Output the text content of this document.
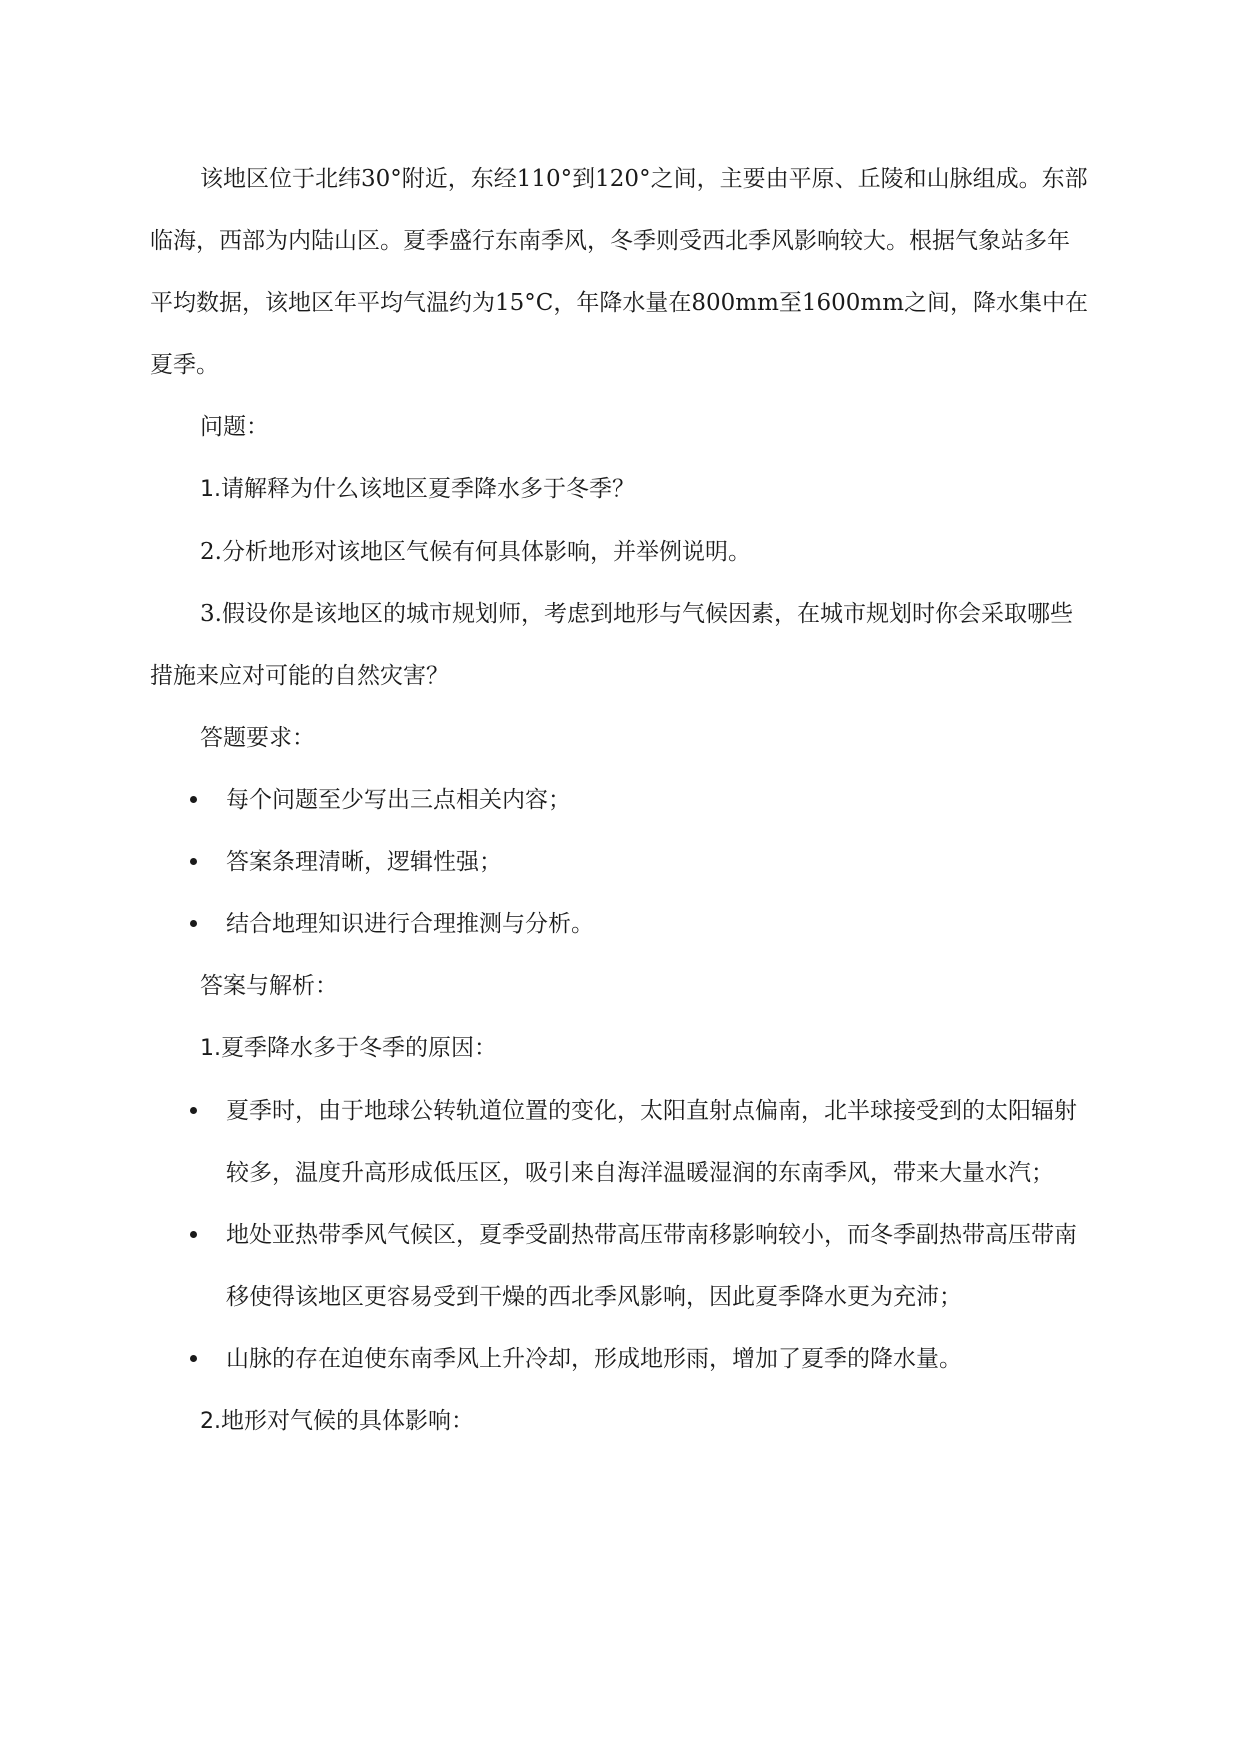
该地区位于北纬30°附近，东经110°到120°之间，主要由平原、丘陵和山脉组成。东部临海，西部为内陆山区。夏季盛行东南季风，冬季则受西北季风影响较大。根据气象站多年平均数据，该地区年平均气温约为15°C，年降水量在800mm至1600mm之间，降水集中在夏季。

问题：

1.请解释为什么该地区夏季降水多于冬季？

2.分析地形对该地区气候有何具体影响，并举例说明。

3.假设你是该地区的城市规划师，考虑到地形与气候因素，在城市规划时你会采取哪些措施来应对可能的自然灾害？

答题要求：

每个问题至少写出三点相关内容；
答案条理清晰，逻辑性强；
结合地理知识进行合理推测与分析。

答案与解析：

1.夏季降水多于冬季的原因：

夏季时，由于地球公转轨道位置的变化，太阳直射点偏南，北半球接受到的太阳辐射较多，温度升高形成低压区，吸引来自海洋温暖湿润的东南季风，带来大量水汽；
地处亚热带季风气候区，夏季受副热带高压带南移影响较小，而冬季副热带高压带南移使得该地区更容易受到干燥的西北季风影响，因此夏季降水更为充沛；
山脉的存在迫使东南季风上升冷却，形成地形雨，增加了夏季的降水量。

2.地形对气候的具体影响：
